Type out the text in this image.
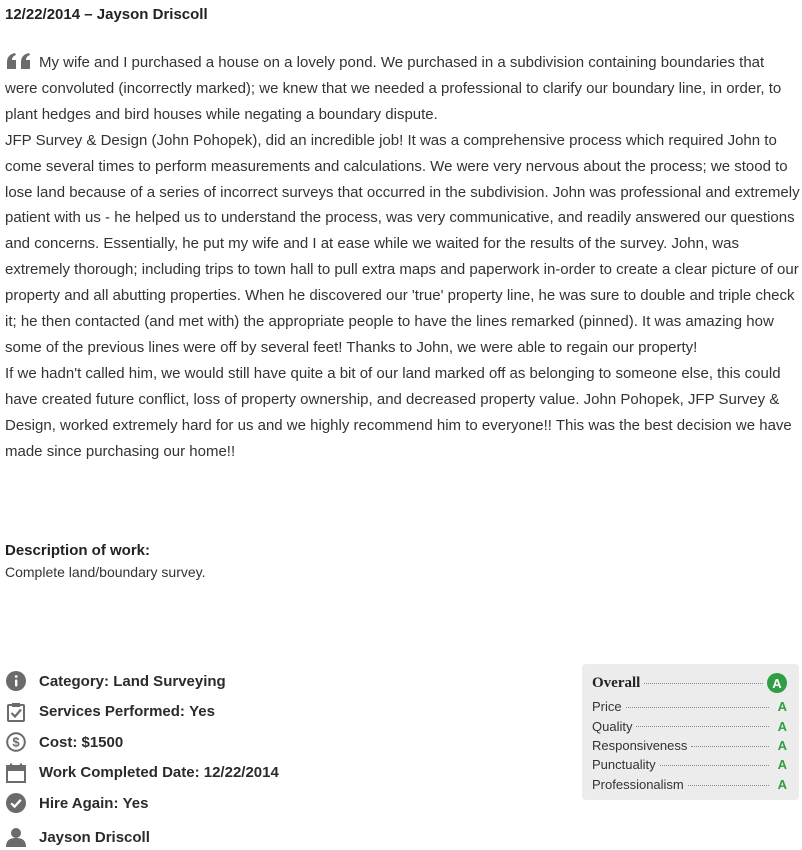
12/22/2014 – Jayson Driscoll

My wife and I purchased a house on a lovely pond. We purchased in a subdivision containing boundaries that were convoluted (incorrectly marked); we knew that we needed a professional to clarify our boundary line, in order, to plant hedges and bird houses while negating a boundary dispute.

JFP Survey & Design (John Pohopek), did an incredible job! It was a comprehensive process which required John to come several times to perform measurements and calculations. We were very nervous about the process; we stood to lose land because of a series of incorrect surveys that occurred in the subdivision. John was professional and extremely patient with us - he helped us to understand the process, was very communicative, and readily answered our questions and concerns. Essentially, he put my wife and I at ease while we waited for the results of the survey. John, was extremely thorough; including trips to town hall to pull extra maps and paperwork in-order to create a clear picture of our property and all abutting properties. When he discovered our 'true' property line, he was sure to double and triple check it; he then contacted (and met with) the appropriate people to have the lines remarked (pinned). It was amazing how some of the previous lines were off by several feet! Thanks to John, we were able to regain our property!

If we hadn't called him, we would still have quite a bit of our land marked off as belonging to someone else, this could have created future conflict, loss of property ownership, and decreased property value. John Pohopek, JFP Survey & Design, worked extremely hard for us and we highly recommend him to everyone!! This was the best decision we have made since purchasing our home!!

Description of work:
Complete land/boundary survey.
Category:
Land Surveying
Services Performed:
Yes
$ Cost:
$1500
Work Completed Date:
12/22/2014
Hire Again:
Yes
Jayson Driscoll
Overall	A
Price	A
Quality	A
Responsiveness	A
Punctuality	A
Professionalism	A
